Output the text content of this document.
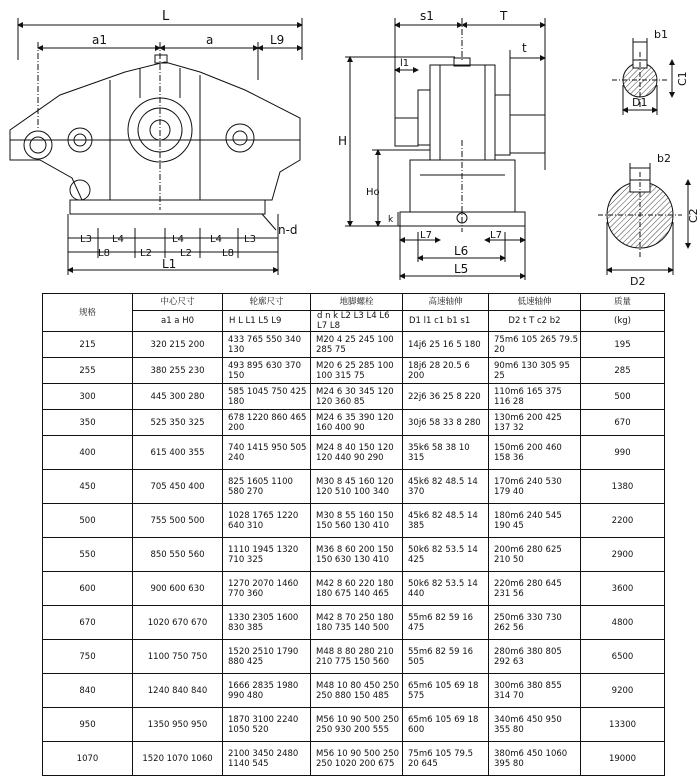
L
a1	a	L9
L3 L4	L4	L4 L3
L8	L2	L2	L8
L1
n-d
s1	T
t
l1
H
Ho
k
L7	L7
L6
L5
b1
C1
D1
b2
C2
D2
规格	中心尺寸	轮廓尺寸	地脚螺栓	高速轴伸	低速轴伸	质量
	a1 a H0	H L L1 L5 L9	d n k L2 L3 L4 L6 L7 L8	D1 l1 c1 b1 s1	D2 t T c2 b2	(kg)
215	320 215 200	433 765 550 340 130	M20 4 25 245 100 285 75	14j6 25 16 5 180	75m6 105 265 79.5 20	195
255	380 255 230	493 895 630 370 150	M20 6 25 285 100 100 315 75	18j6 28 20.5 6 200	90m6 130 305 95 25	285
300	445 300 280	585 1045 750 425 180	M24 6 30 345 120 120 360 85	22j6 36 25 8 220	110m6 165 375 116 28	500
350	525 350 325	678 1220 860 465 200	M24 6 35 390 120 160 400 90	30j6 58 33 8 280	130m6 200 425 137 32	670
400	615 400 355	740 1415 950 505 240	M24 8 40 150 120 120 440 90 290	35k6 58 38 10 315	150m6 200 460 158 36	990
450	705 450 400	825 1605 1100 580 270	M30 8 45 160 120 120 510 100 340	45k6 82 48.5 14 370	170m6 240 530 179 40	1380
500	755 500 500	1028 1765 1220 640 310	M30 8 55 160 150 150 560 130 410	45k6 82 48.5 14 385	180m6 240 545 190 45	2200
550	850 550 560	1110 1945 1320 710 325	M36 8 60 200 150 150 630 130 410	50k6 82 53.5 14 425	200m6 280 625 210 50	2900
600	900 600 630	1270 2070 1460 770 360	M42 8 60 220 180 180 675 140 465	50k6 82 53.5 14 440	220m6 280 645 231 56	3600
670	1020 670 670	1330 2305 1600 830 385	M42 8 70 250 180 180 735 140 500	55m6 82 59 16 475	250m6 330 730 262 56	4800
750	1100 750 750	1520 2510 1790 880 425	M48 8 80 280 210 210 775 150 560	55m6 82 59 16 505	280m6 380 805 292 63	6500
840	1240 840 840	1666 2835 1980 990 480	M48 10 80 450 250 250 880 150 485	65m6 105 69 18 575	300m6 380 855 314 70	9200
950	1350 950 950	1870 3100 2240 1050 520	M56 10 90 500 250 250 930 200 555	65m6 105 69 18 600	340m6 450 950 355 80	13300
1070	1520 1070 1060	2100 3450 2480 1140 545	M56 10 90 500 250 250 1020 200 675	75m6 105 79.5 20 645	380m6 450 1060 395 80	19000
